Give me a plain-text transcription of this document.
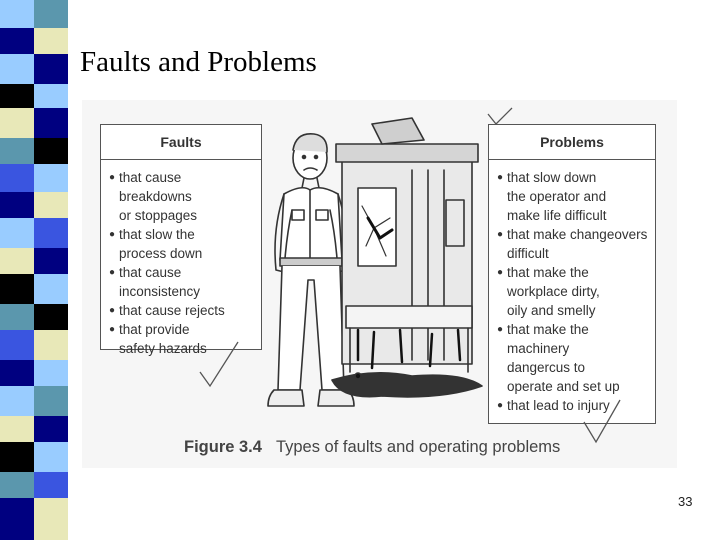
Faults and Problems
Faults
● that cause breakdowns
or stoppages
● that slow the
process down
● that cause
inconsistency
● that cause rejects
● that provide
safety hazards
Problems
● that slow down
the operator and
make life difficult
● that make changeovers
difficult
● that make the
workplace dirty,
oily and smelly
● that make the
machinery
dangercus to
operate and set up
● that lead to injury
Figure 3.4 Types of faults and operating problems
33
